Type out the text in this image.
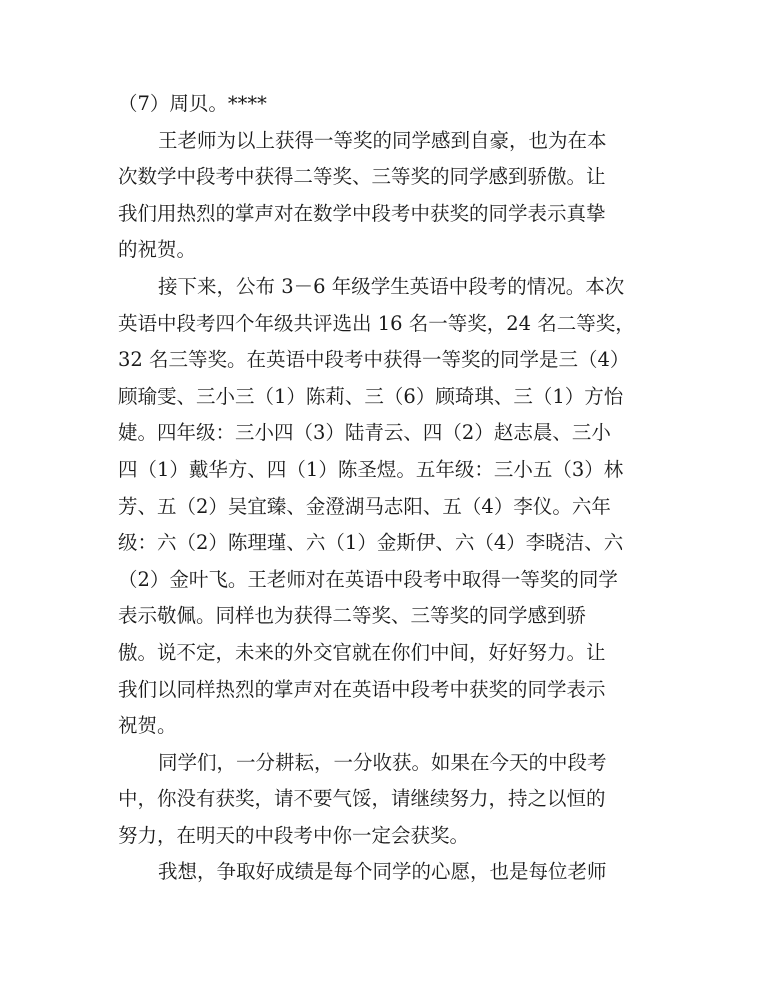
（7）周贝。****
王老师为以上获得一等奖的同学感到自豪，也为在本
次数学中段考中获得二等奖、三等奖的同学感到骄傲。让
我们用热烈的掌声对在数学中段考中获奖的同学表示真挚
的祝贺。
接下来，公布 3－6 年级学生英语中段考的情况。本次
英语中段考四个年级共评选出 16 名一等奖，24 名二等奖，
32 名三等奖。在英语中段考中获得一等奖的同学是三（4）
顾瑜雯、三小三（1）陈莉、三（6）顾琦琪、三（1）方怡
婕。四年级：三小四（3）陆青云、四（2）赵志晨、三小
四（1）戴华方、四（1）陈圣煜。五年级：三小五（3）林
芳、五（2）吴宜臻、金澄湖马志阳、五（4）李仪。六年
级：六（2）陈理瑾、六（1）金斯伊、六（4）李晓洁、六
（2）金叶飞。王老师对在英语中段考中取得一等奖的同学
表示敬佩。同样也为获得二等奖、三等奖的同学感到骄
傲。说不定，未来的外交官就在你们中间，好好努力。让
我们以同样热烈的掌声对在英语中段考中获奖的同学表示
祝贺。
同学们，一分耕耘，一分收获。如果在今天的中段考
中，你没有获奖，请不要气馁，请继续努力，持之以恒的
努力，在明天的中段考中你一定会获奖。
我想，争取好成绩是每个同学的心愿，也是每位老师
